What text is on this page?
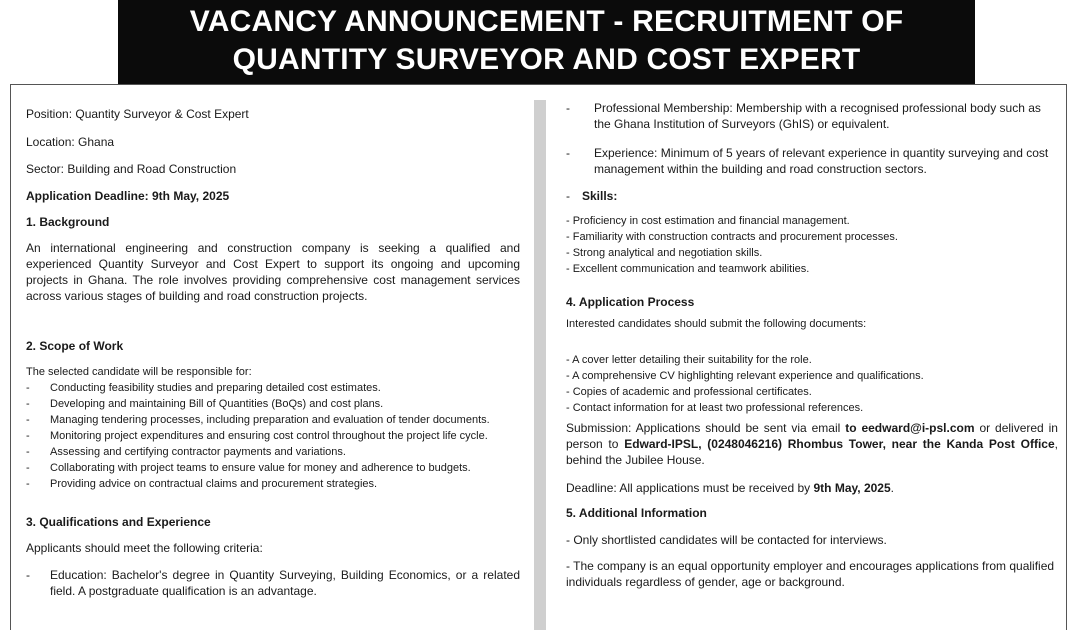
VACANCY ANNOUNCEMENT - RECRUITMENT OF
QUANTITY SURVEYOR AND COST EXPERT

Position: Quantity Surveyor & Cost Expert

Location: Ghana

Sector: Building and Road Construction

Application Deadline: 9th May, 2025

1. Background

An international engineering and construction company is seeking a qualified and experienced Quantity Surveyor and Cost Expert to support its ongoing and upcoming projects in Ghana. The role involves providing comprehensive cost management services across various stages of building and road construction projects.

2. Scope of Work

The selected candidate will be responsible for:

-	Conducting feasibility studies and preparing detailed cost estimates.
-	Developing and maintaining Bill of Quantities (BoQs) and cost plans.
-	Managing tendering processes, including preparation and evaluation of tender documents.
-	Monitoring project expenditures and ensuring cost control throughout the project life cycle.
-	Assessing and certifying contractor payments and variations.
-	Collaborating with project teams to ensure value for money and adherence to budgets.
-	Providing advice on contractual claims and procurement strategies.

3. Qualifications and Experience

Applicants should meet the following criteria:

-	Education: Bachelor's degree in Quantity Surveying, Building Economics, or a related field. A postgraduate qualification is an advantage.
-	Professional Membership: Membership with a recognised professional body such as the Ghana Institution of Surveyors (GhIS) or equivalent.
-	Experience: Minimum of 5 years of relevant experience in quantity surveying and cost management within the building and road construction sectors.
-	Skills:

- Proficiency in cost estimation and financial management.

- Familiarity with construction contracts and procurement processes.

- Strong analytical and negotiation skills.

- Excellent communication and teamwork abilities.

4. Application Process

Interested candidates should submit the following documents:

- A cover letter detailing their suitability for the role.

- A comprehensive CV highlighting relevant experience and qualifications.

- Copies of academic and professional certificates.

- Contact information for at least two professional references.

Submission: Applications should be sent via email to eedward@i-psl.com or delivered in person to Edward-IPSL, (0248046216) Rhombus Tower, near the Kanda Post Office, behind the Jubilee House.

Deadline: All applications must be received by 9th May, 2025.

5. Additional Information

- Only shortlisted candidates will be contacted for interviews.

- The company is an equal opportunity employer and encourages applications from qualified individuals regardless of gender, age or background.
